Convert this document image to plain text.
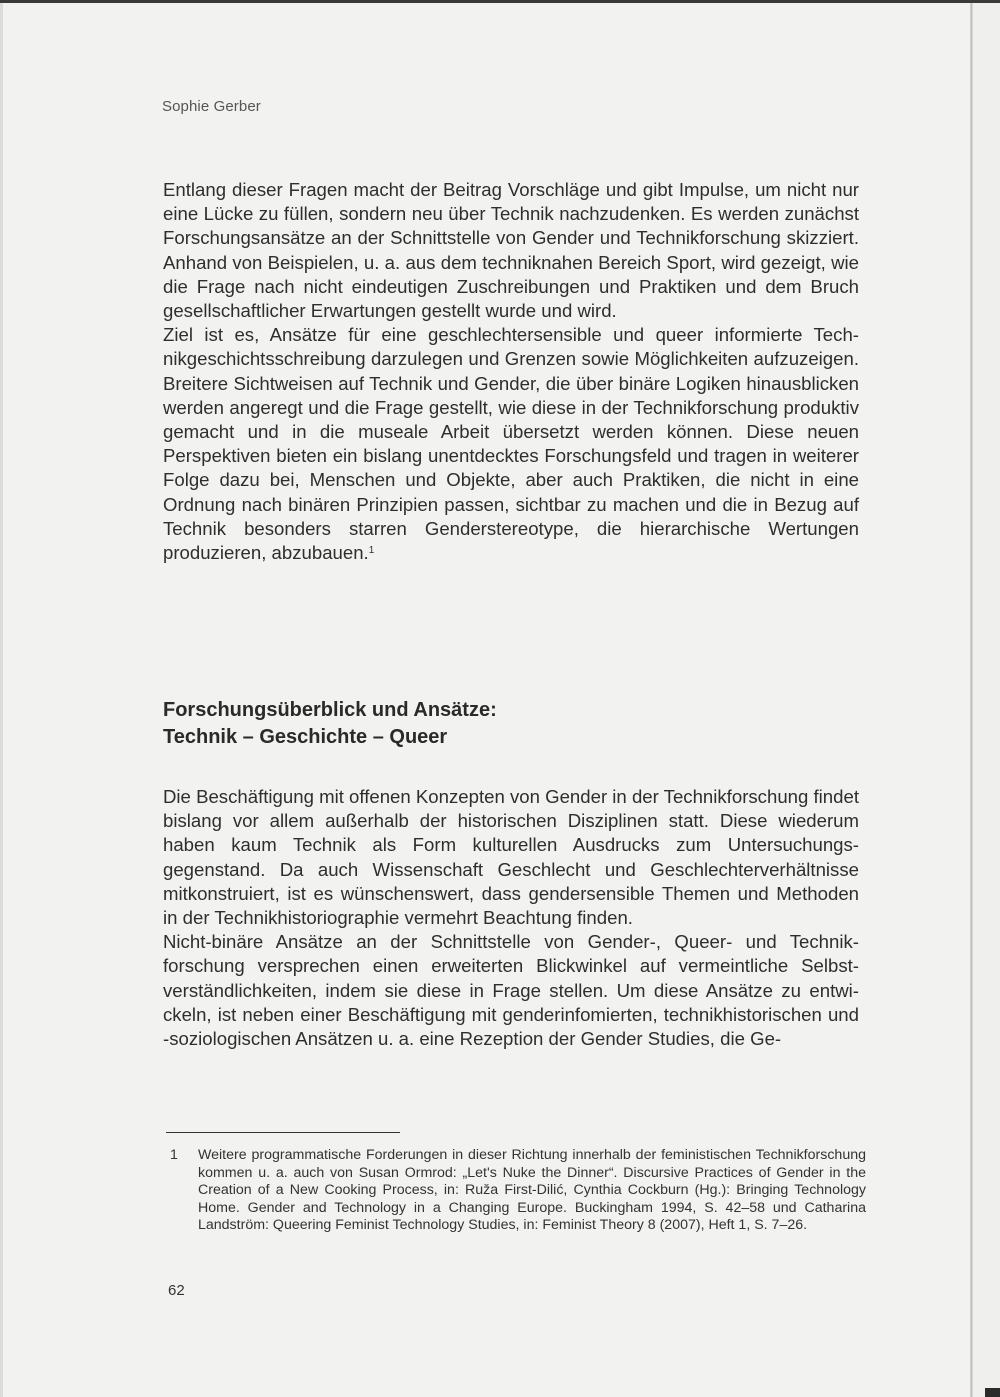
Sophie Gerber

Entlang dieser Fragen macht der Beitrag Vorschläge und gibt Impulse, um nicht nur eine Lücke zu füllen, sondern neu über Technik nachzudenken. Es werden zunächst Forschungsansätze an der Schnittstelle von Gender und Technikforschung skizziert. Anhand von Beispielen, u. a. aus dem techniknahen Bereich Sport, wird gezeigt, wie die Frage nach nicht eindeutigen Zuschreibungen und Praktiken und dem Bruch gesellschaftlicher Erwartungen gestellt wurde und wird.

Ziel ist es, Ansätze für eine geschlechtersensible und queer informierte Technikgeschichtsschreibung darzulegen und Grenzen sowie Möglichkeiten aufzuzeigen. Breitere Sichtweisen auf Technik und Gender, die über binäre Logiken hinausblicken werden angeregt und die Frage gestellt, wie diese in der Technikforschung produktiv gemacht und in die museale Arbeit übersetzt werden können. Diese neuen Perspektiven bieten ein bislang unentdecktes Forschungsfeld und tragen in weiterer Folge dazu bei, Menschen und Objekte, aber auch Praktiken, die nicht in eine Ordnung nach binären Prinzipien passen, sichtbar zu machen und die in Bezug auf Technik besonders starren Genderstereotype, die hierarchische Wertungen produzieren, abzubauen.$^1$

Forschungsüberblick und Ansätze:
Technik – Geschichte – Queer

Die Beschäftigung mit offenen Konzepten von Gender in der Technikforschung findet bislang vor allem außerhalb der historischen Disziplinen statt. Diese wiederum haben kaum Technik als Form kulturellen Ausdrucks zum Untersuchungsgegenstand. Da auch Wissenschaft Geschlecht und Geschlechterverhältnisse mitkonstruiert, ist es wünschenswert, dass gendersensible Themen und Methoden in der Technikhistoriographie vermehrt Beachtung finden.

Nicht-binäre Ansätze an der Schnittstelle von Gender-, Queer- und Technikforschung versprechen einen erweiterten Blickwinkel auf vermeintliche Selbstverständlichkeiten, indem sie diese in Frage stellen. Um diese Ansätze zu entwickeln, ist neben einer Beschäftigung mit genderinfomierten, technikhistorischen und -soziologischen Ansätzen u. a. eine Rezeption der Gender Studies, die Ge-

1 Weitere programmatische Forderungen in dieser Richtung innerhalb der feministischen Technikforschung kommen u. a. auch von Susan Ormrod: „Let's Nuke the Dinner“. Discursive Practices of Gender in the Creation of a New Cooking Process, in: Ruža First-Dilić, Cynthia Cockburn (Hg.): Bringing Technology Home. Gender and Technology in a Changing Europe. Buckingham 1994, S. 42–58 und Catharina Landström: Queering Feminist Technology Studies, in: Feminist Theory 8 (2007), Heft 1, S. 7–26.
62
